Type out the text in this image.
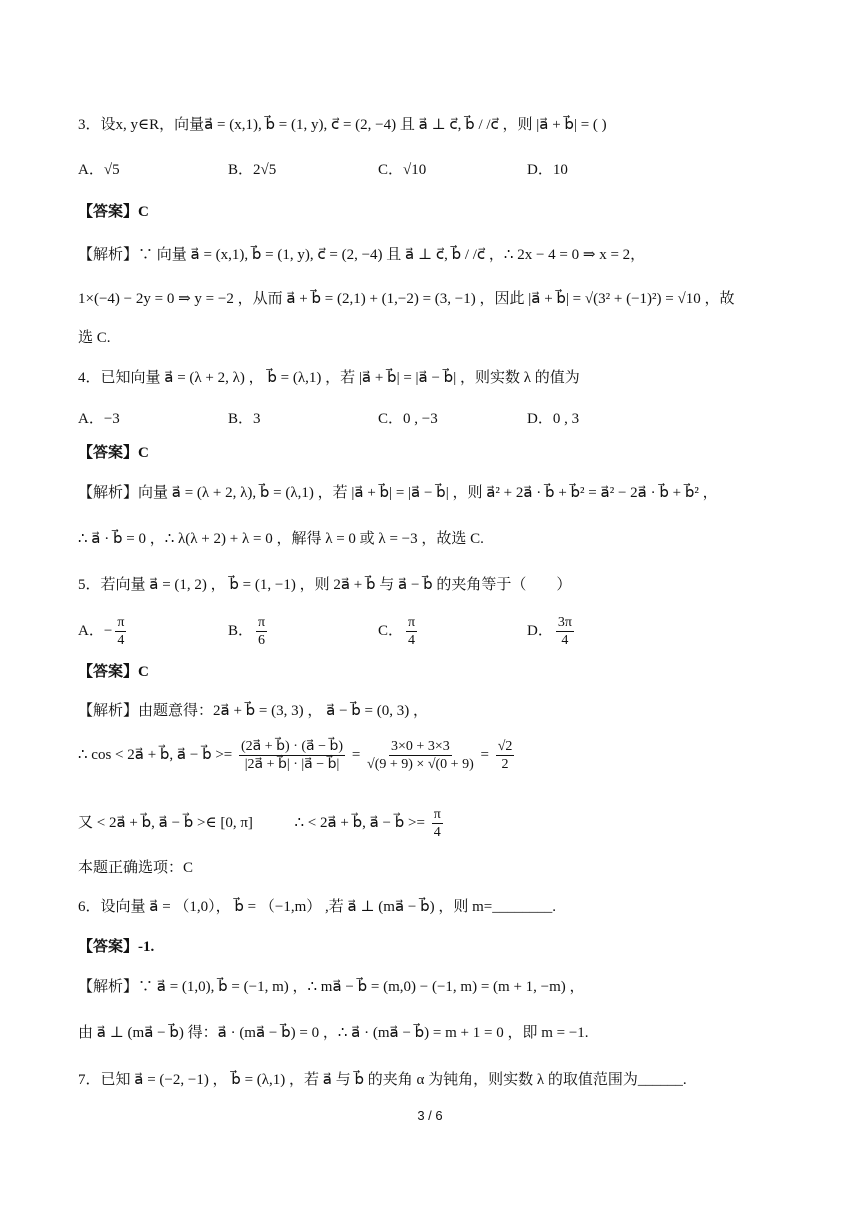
3．设x, y∈R，向量a⃗ = (x,1), b⃗ = (1, y), c⃗ = (2, −4) 且 a⃗ ⊥ c⃗, b⃗ / /c⃗ ，则 |a⃗ + b⃗| = ( )
A．√5	B．2√5	C．√10	D．10
【答案】C
【解析】∵ 向量 a⃗ = (x,1), b⃗ = (1, y), c⃗ = (2, −4) 且 a⃗ ⊥ c⃗, b⃗ / /c⃗ ，∴ 2x − 4 = 0 ⇒ x = 2，
1×(−4) − 2y = 0 ⇒ y = −2 ，从而 a⃗ + b⃗ = (2,1) + (1,−2) = (3, −1) ，因此 |a⃗ + b⃗| = √(3² + (−1)²) = √10 ，故
选 C.
4．已知向量 a⃗ = (λ + 2, λ) ， b⃗ = (λ,1) ，若 |a⃗ + b⃗| = |a⃗ − b⃗| ，则实数 λ 的值为
A．−3	B．3	C．0 , −3	D．0 , 3
【答案】C
【解析】向量 a⃗ = (λ + 2, λ), b⃗ = (λ,1) ，若 |a⃗ + b⃗| = |a⃗ − b⃗| ，则 a⃗² + 2a⃗ · b⃗ + b⃗² = a⃗² − 2a⃗ · b⃗ + b⃗² ，
∴ a⃗ · b⃗ = 0 ，∴ λ(λ + 2) + λ = 0 ，解得 λ = 0 或 λ = −3 ，故选 C.
5．若向量 a⃗ = (1, 2) ， b⃗ = (1, −1) ，则 2a⃗ + b⃗ 与 a⃗ − b⃗ 的夹角等于（　　）
A．− $\frac{\pi}{4}$	B． $\frac{\pi}{6}$	C． $\frac{\pi}{4}$	D． $\frac{3\pi}{4}$
【答案】C
【解析】由题意得：2a⃗ + b⃗ = (3, 3) ， a⃗ − b⃗ = (0, 3) ，
∴ cos < 2a⃗ + b⃗, a⃗ − b⃗ >= $\frac{(2a⃗ + b⃗) \cdot (a⃗ - b⃗)}{|2a⃗ + b⃗| \cdot |a⃗ - b⃗|} = \frac{3\times 0 + 3\times 3}{√(9 + 9) \times √(0 + 9)} = \frac{√2}{2}$
又 < 2a⃗ + b⃗, a⃗ − b⃗ >∈ [0, π]	∴ < 2a⃗ + b⃗, a⃗ − b⃗ >= $\frac{\pi}{4}$
本题正确选项：C
6．设向量 a⃗ = （1,0）， b⃗ = （−1,m） ,若 a⃗ ⊥ (ma⃗ − b⃗) ，则 m=________.
【答案】-1.
【解析】∵ a⃗ = (1,0), b⃗ = (−1, m) ，∴ ma⃗ − b⃗ = (m,0) − (−1, m) = (m + 1, −m) ，
由 a⃗ ⊥ (ma⃗ − b⃗) 得：a⃗ · (ma⃗ − b⃗) = 0 ，∴ a⃗ · (ma⃗ − b⃗) = m + 1 = 0 ，即 m = −1.
7．已知 a⃗ = (−2, −1) ， b⃗ = (λ,1) ，若 a⃗ 与 b⃗ 的夹角 α 为钝角，则实数 λ 的取值范围为______.
3 / 6
